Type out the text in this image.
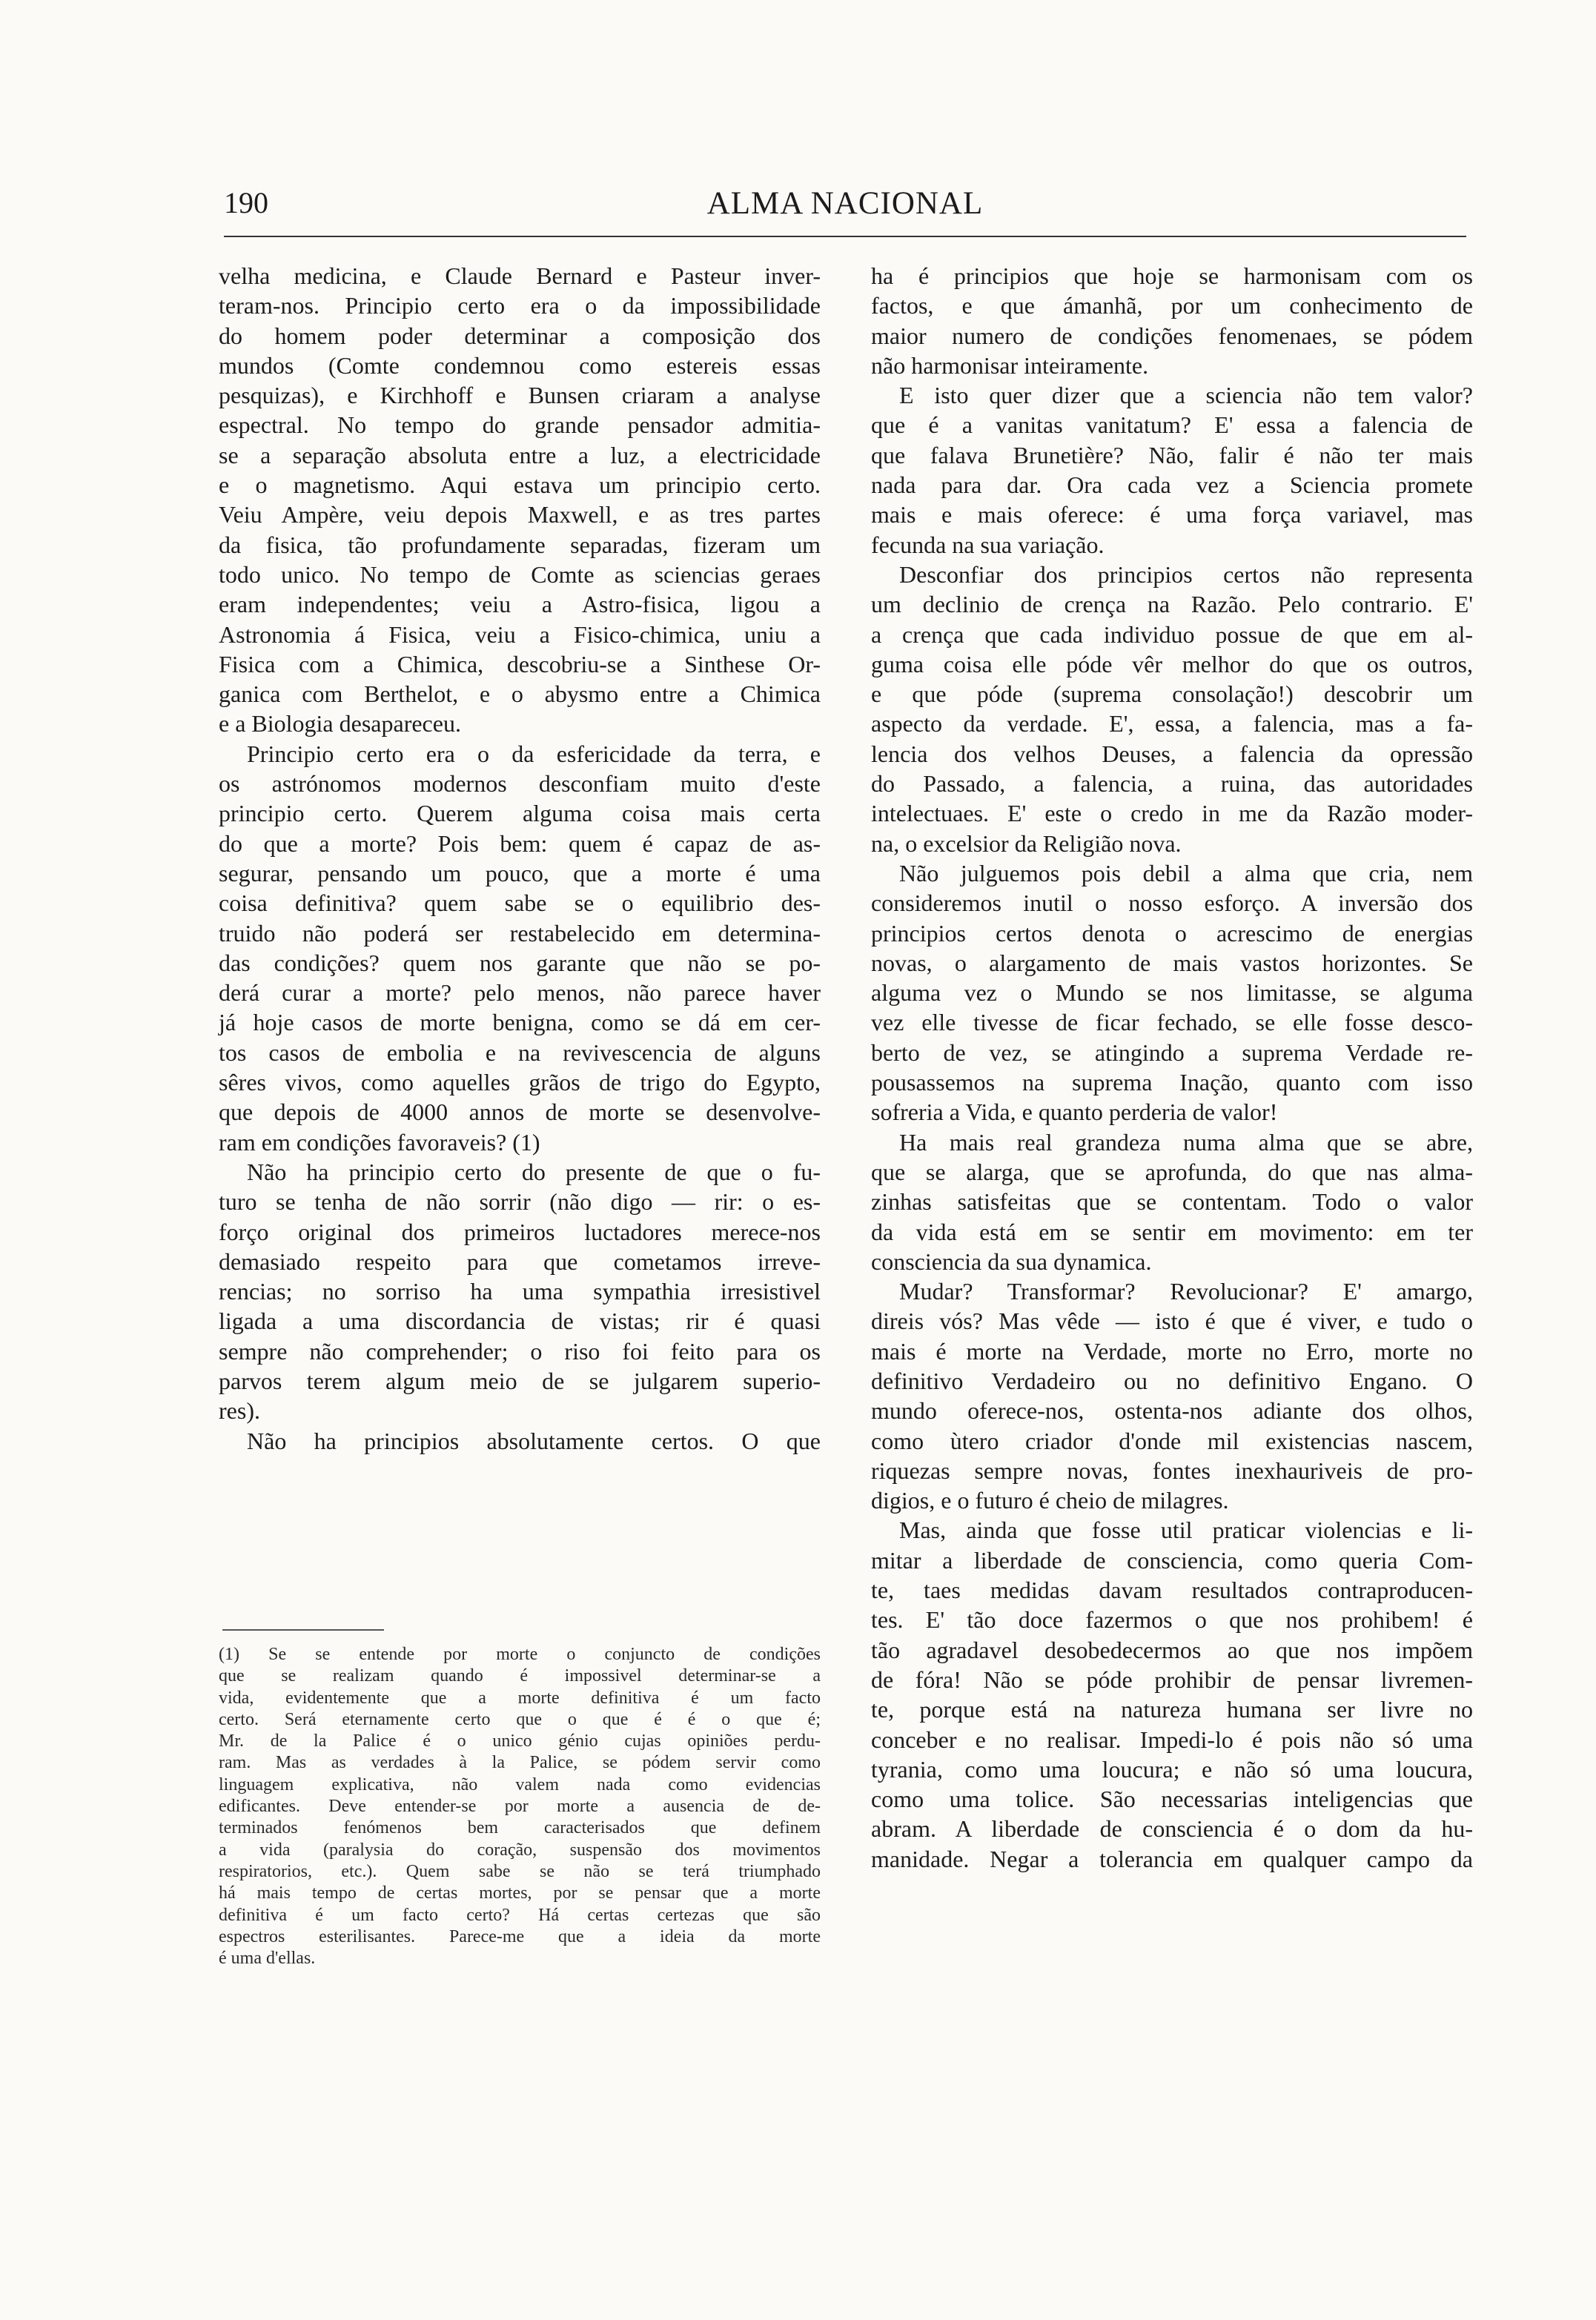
190	ALMA NACIONAL
velha medicina, e Claude Bernard e Pasteur inver-
teram-nos. Principio certo era o da impossibilidade
do homem poder determinar a composição dos
mundos (Comte condemnou como estereis essas
pesquizas), e Kirchhoff e Bunsen criaram a analyse
espectral. No tempo do grande pensador admitia-
se a separação absoluta entre a luz, a electricidade
e o magnetismo. Aqui estava um principio certo.
Veiu Ampère, veiu depois Maxwell, e as tres partes
da fisica, tão profundamente separadas, fizeram um
todo unico. No tempo de Comte as sciencias geraes
eram independentes; veiu a Astro-fisica, ligou a
Astronomia á Fisica, veiu a Fisico-chimica, uniu a
Fisica com a Chimica, descobriu-se a Sinthese Or-
ganica com Berthelot, e o abysmo entre a Chimica
e a Biologia desapareceu.
Principio certo era o da esfericidade da terra, e
os astrónomos modernos desconfiam muito d'este
principio certo. Querem alguma coisa mais certa
do que a morte? Pois bem: quem é capaz de as-
segurar, pensando um pouco, que a morte é uma
coisa definitiva? quem sabe se o equilibrio des-
truido não poderá ser restabelecido em determina-
das condições? quem nos garante que não se po-
derá curar a morte? pelo menos, não parece haver
já hoje casos de morte benigna, como se dá em cer-
tos casos de embolia e na revivescencia de alguns
sêres vivos, como aquelles grãos de trigo do Egypto,
que depois de 4000 annos de morte se desenvolve-
ram em condições favoraveis? (1)
Não ha principio certo do presente de que o fu-
turo se tenha de não sorrir (não digo — rir: o es-
forço original dos primeiros luctadores merece-nos
demasiado respeito para que cometamos irreve-
rencias; no sorriso ha uma sympathia irresistivel
ligada a uma discordancia de vistas; rir é quasi
sempre não comprehender; o riso foi feito para os
parvos terem algum meio de se julgarem superio-
res).
Não ha principios absolutamente certos. O que
ha é principios que hoje se harmonisam com os
factos, e que ámanhã, por um conhecimento de
maior numero de condições fenomenaes, se pódem
não harmonisar inteiramente.
E isto quer dizer que a sciencia não tem valor?
que é a vanitas vanitatum? E' essa a falencia de
que falava Brunetière? Não, falir é não ter mais
nada para dar. Ora cada vez a Sciencia promete
mais e mais oferece: é uma força variavel, mas
fecunda na sua variação.
Desconfiar dos principios certos não representa
um declinio de crença na Razão. Pelo contrario. E'
a crença que cada individuo possue de que em al-
guma coisa elle póde vêr melhor do que os outros,
e que póde (suprema consolação!) descobrir um
aspecto da verdade. E', essa, a falencia, mas a fa-
lencia dos velhos Deuses, a falencia da opressão
do Passado, a falencia, a ruina, das autoridades
intelectuaes. E' este o credo in me da Razão moder-
na, o excelsior da Religião nova.
Não julguemos pois debil a alma que cria, nem
consideremos inutil o nosso esforço. A inversão dos
principios certos denota o acrescimo de energias
novas, o alargamento de mais vastos horizontes. Se
alguma vez o Mundo se nos limitasse, se alguma
vez elle tivesse de ficar fechado, se elle fosse desco-
berto de vez, se atingindo a suprema Verdade re-
pousassemos na suprema Inação, quanto com isso
sofreria a Vida, e quanto perderia de valor!
Ha mais real grandeza numa alma que se abre,
que se alarga, que se aprofunda, do que nas alma-
zinhas satisfeitas que se contentam. Todo o valor
da vida está em se sentir em movimento: em ter
consciencia da sua dynamica.
Mudar? Transformar? Revolucionar? E' amargo,
direis vós? Mas vêde — isto é que é viver, e tudo o
mais é morte na Verdade, morte no Erro, morte no
definitivo Verdadeiro ou no definitivo Engano. O
mundo oferece-nos, ostenta-nos adiante dos olhos,
como ùtero criador d'onde mil existencias nascem,
riquezas sempre novas, fontes inexhauriveis de pro-
digios, e o futuro é cheio de milagres.
Mas, ainda que fosse util praticar violencias e li-
mitar a liberdade de consciencia, como queria Com-
te, taes medidas davam resultados contraproducen-
tes. E' tão doce fazermos o que nos prohibem! é
tão agradavel desobedecermos ao que nos impõem
de fóra! Não se póde prohibir de pensar livremen-
te, porque está na natureza humana ser livre no
conceber e no realisar. Impedi-lo é pois não só uma
tyrania, como uma loucura; e não só uma loucura,
como uma tolice. São necessarias inteligencias que
abram. A liberdade de consciencia é o dom da hu-
manidade. Negar a tolerancia em qualquer campo da
(1) Se se entende por morte o conjuncto de condições
que se realizam quando é impossivel determinar-se a
vida, evidentemente que a morte definitiva é um facto
certo. Será eternamente certo que o que é é o que é;
Mr. de la Palice é o unico génio cujas opiniões perdu-
ram. Mas as verdades à la Palice, se pódem servir como
linguagem explicativa, não valem nada como evidencias
edificantes. Deve entender-se por morte a ausencia de de-
terminados fenómenos bem caracterisados que definem
a vida (paralysia do coração, suspensão dos movimentos
respiratorios, etc.). Quem sabe se não se terá triumphado
há mais tempo de certas mortes, por se pensar que a morte
definitiva é um facto certo? Há certas certezas que são
espectros esterilisantes. Parece-me que a ideia da morte
é uma d'ellas.
